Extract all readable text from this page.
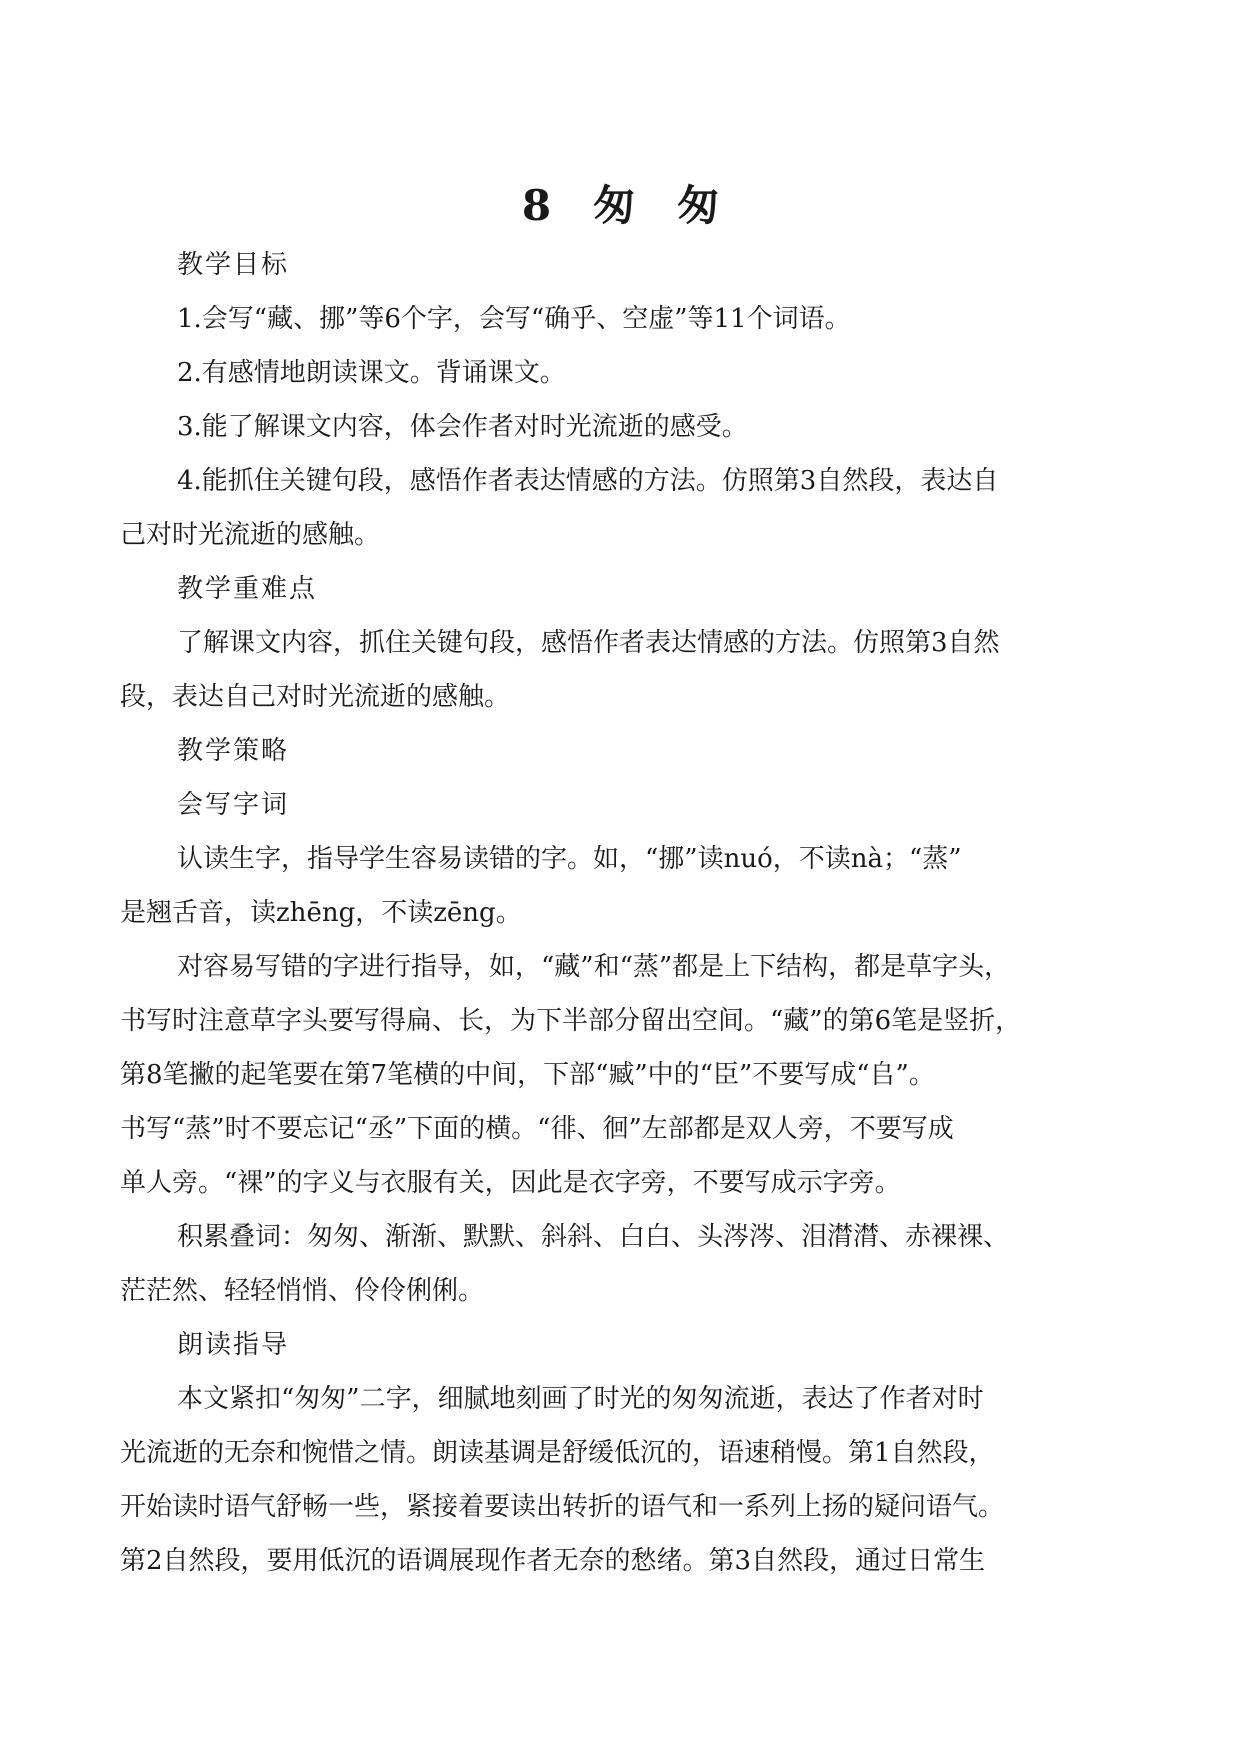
8　匆　匆
教学目标
1.会写“藏、挪”等6个字，会写“确乎、空虚”等11个词语。
2.有感情地朗读课文。背诵课文。
3.能了解课文内容，体会作者对时光流逝的感受。
4.能抓住关键句段，感悟作者表达情感的方法。仿照第3自然段，表达自
己对时光流逝的感触。
教学重难点
了解课文内容，抓住关键句段，感悟作者表达情感的方法。仿照第3自然
段，表达自己对时光流逝的感触。
教学策略
会写字词
认读生字，指导学生容易读错的字。如，“挪”读nuó，不读nà；“蒸”
是翘舌音，读zhēng，不读zēng。
对容易写错的字进行指导，如，“藏”和“蒸”都是上下结构，都是草字头，
书写时注意草字头要写得扁、长，为下半部分留出空间。“藏”的第6笔是竖折，
第8笔撇的起笔要在第7笔横的中间，下部“臧”中的“臣”不要写成“𠂤”。
书写“蒸”时不要忘记“丞”下面的横。“徘、徊”左部都是双人旁，不要写成
单人旁。“裸”的字义与衣服有关，因此是衣字旁，不要写成示字旁。
积累叠词：匆匆、渐渐、默默、斜斜、白白、头涔涔、泪潸潸、赤裸裸、
茫茫然、轻轻悄悄、伶伶俐俐。
朗读指导
本文紧扣“匆匆”二字，细腻地刻画了时光的匆匆流逝，表达了作者对时
光流逝的无奈和惋惜之情。朗读基调是舒缓低沉的，语速稍慢。第1自然段，
开始读时语气舒畅一些，紧接着要读出转折的语气和一系列上扬的疑问语气。
第2自然段，要用低沉的语调展现作者无奈的愁绪。第3自然段，通过日常生
